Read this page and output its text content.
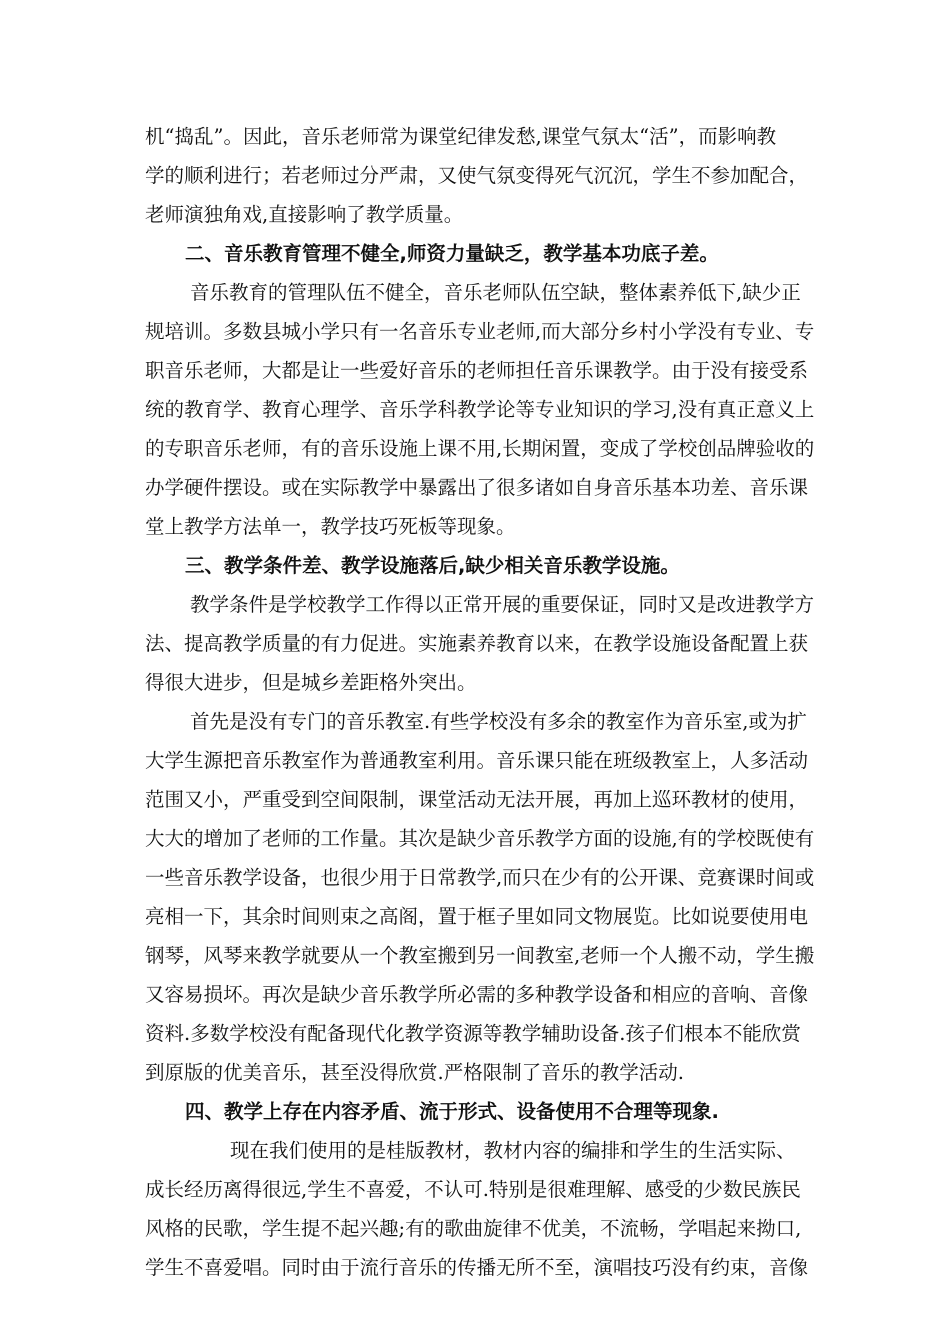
机“捣乱”。因此，音乐老师常为课堂纪律发愁,课堂气氛太“活”，而影响教
学的顺利进行；若老师过分严肃，又使气氛变得死气沉沉，学生不参加配合，
老师演独角戏,直接影响了教学质量。
二、音乐教育管理不健全,师资力量缺乏，教学基本功底子差。
音乐教育的管理队伍不健全，音乐老师队伍空缺，整体素养低下,缺少正
规培训。多数县城小学只有一名音乐专业老师,而大部分乡村小学没有专业、专
职音乐老师，大都是让一些爱好音乐的老师担任音乐课教学。由于没有接受系
统的教育学、教育心理学、音乐学科教学论等专业知识的学习,没有真正意义上
的专职音乐老师，有的音乐设施上课不用,长期闲置，变成了学校创品牌验收的
办学硬件摆设。或在实际教学中暴露出了很多诸如自身音乐基本功差、音乐课
堂上教学方法单一，教学技巧死板等现象。
三、教学条件差、教学设施落后,缺少相关音乐教学设施。
教学条件是学校教学工作得以正常开展的重要保证，同时又是改进教学方
法、提高教学质量的有力促进。实施素养教育以来，在教学设施设备配置上获
得很大进步，但是城乡差距格外突出。
首先是没有专门的音乐教室.有些学校没有多余的教室作为音乐室,或为扩
大学生源把音乐教室作为普通教室利用。音乐课只能在班级教室上，人多活动
范围又小，严重受到空间限制，课堂活动无法开展，再加上巡环教材的使用，
大大的增加了老师的工作量。其次是缺少音乐教学方面的设施,有的学校既使有
一些音乐教学设备，也很少用于日常教学,而只在少有的公开课、竞赛课时间或
亮相一下，其余时间则束之高阁，置于框子里如同文物展览。比如说要使用电
钢琴，风琴来教学就要从一个教室搬到另一间教室,老师一个人搬不动，学生搬
又容易损坏。再次是缺少音乐教学所必需的多种教学设备和相应的音响、音像
资料.多数学校没有配备现代化教学资源等教学辅助设备.孩子们根本不能欣赏
到原版的优美音乐，甚至没得欣赏.严格限制了音乐的教学活动.
四、教学上存在内容矛盾、流于形式、设备使用不合理等现象.
现在我们使用的是桂版教材，教材内容的编排和学生的生活实际、
成长经历离得很远,学生不喜爱，不认可.特别是很难理解、感受的少数民族民
风格的民歌，学生提不起兴趣;有的歌曲旋律不优美，不流畅，学唱起来拗口,
学生不喜爱唱。同时由于流行音乐的传播无所不至，演唱技巧没有约束，音像
